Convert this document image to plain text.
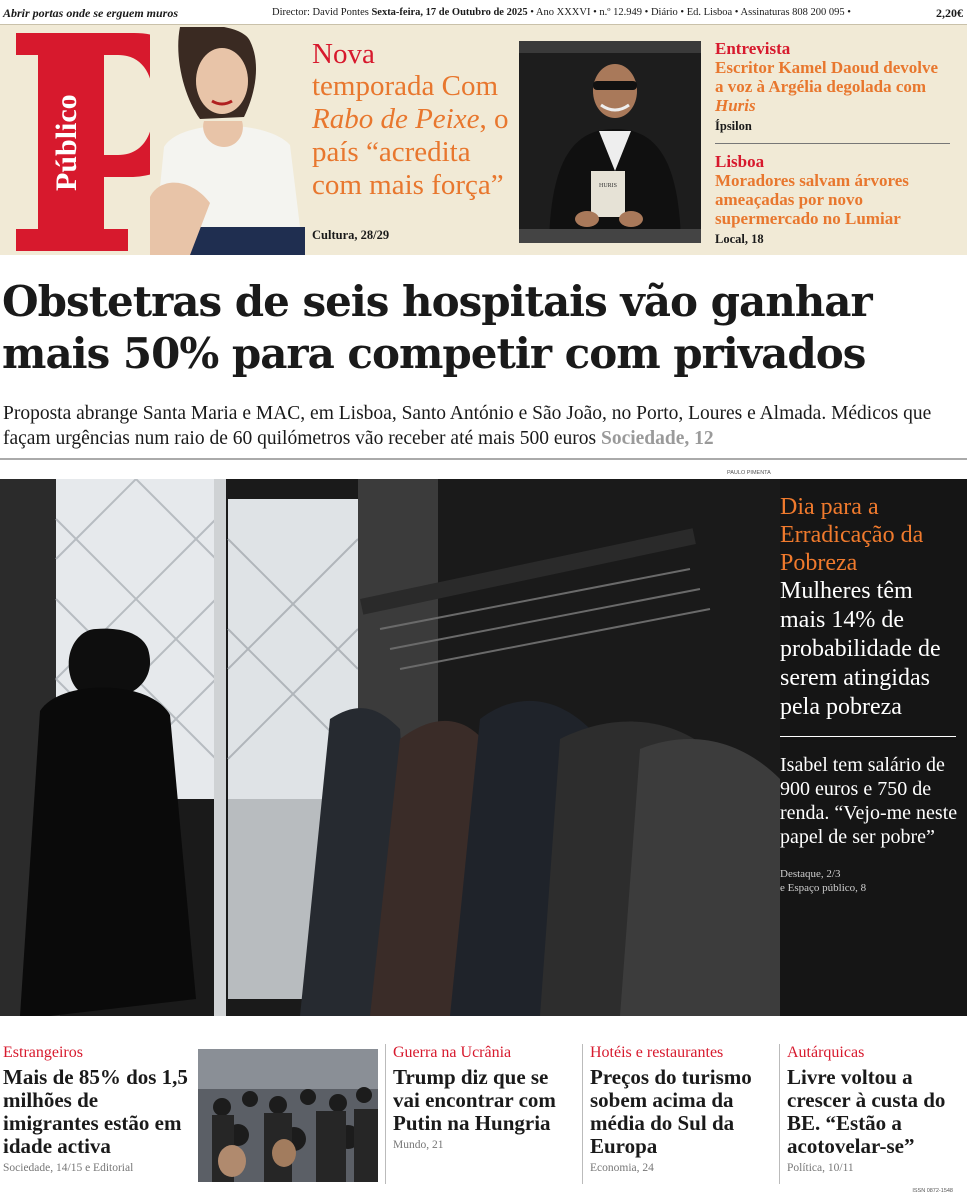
Abrir portas onde se erguem muros	Director: David Pontes Sexta-feira, 17 de Outubro de 2025 • Ano XXXVI • n.º 12.949 • Diário • Ed. Lisboa • Assinaturas 808 200 095 •	2,20€
Público
Nova
temporada Com Rabo de Peixe, o país “acredita com mais força”
Cultura, 28/29
HURIS
Entrevista
Escritor Kamel Daoud devolve a voz à Argélia degolada com Huris
Ípsilon
Lisboa
Moradores salvam árvores ameaçadas por novo supermercado no Lumiar
Local, 18
Obstetras de seis hospitais vão ganhar mais 50% para competir com privados
Proposta abrange Santa Maria e MAC, em Lisboa, Santo António e São João, no Porto, Loures e Almada. Médicos que façam urgências num raio de 60 quilómetros vão receber até mais 500 euros Sociedade, 12
PAULO PIMENTA
Dia para a Erradicação da Pobreza
Mulheres têm mais 14% de probabilidade de serem atingidas pela pobreza
Isabel tem salário de 900 euros e 750 de renda. “Vejo-me neste papel de ser pobre”
Destaque, 2/3
e Espaço público, 8
Estrangeiros
Mais de 85% dos 1,5 milhões de imigrantes estão em idade activa
Sociedade, 14/15 e Editorial
Guerra na Ucrânia
Trump diz que se vai encontrar com Putin na Hungria
Mundo, 21
Hotéis e restaurantes
Preços do turismo sobem acima da média do Sul da Europa
Economia, 24
Autárquicas
Livre voltou a crescer à custa do BE. “Estão a acotovelar-se”
Política, 10/11
ISSN 0872-1548
